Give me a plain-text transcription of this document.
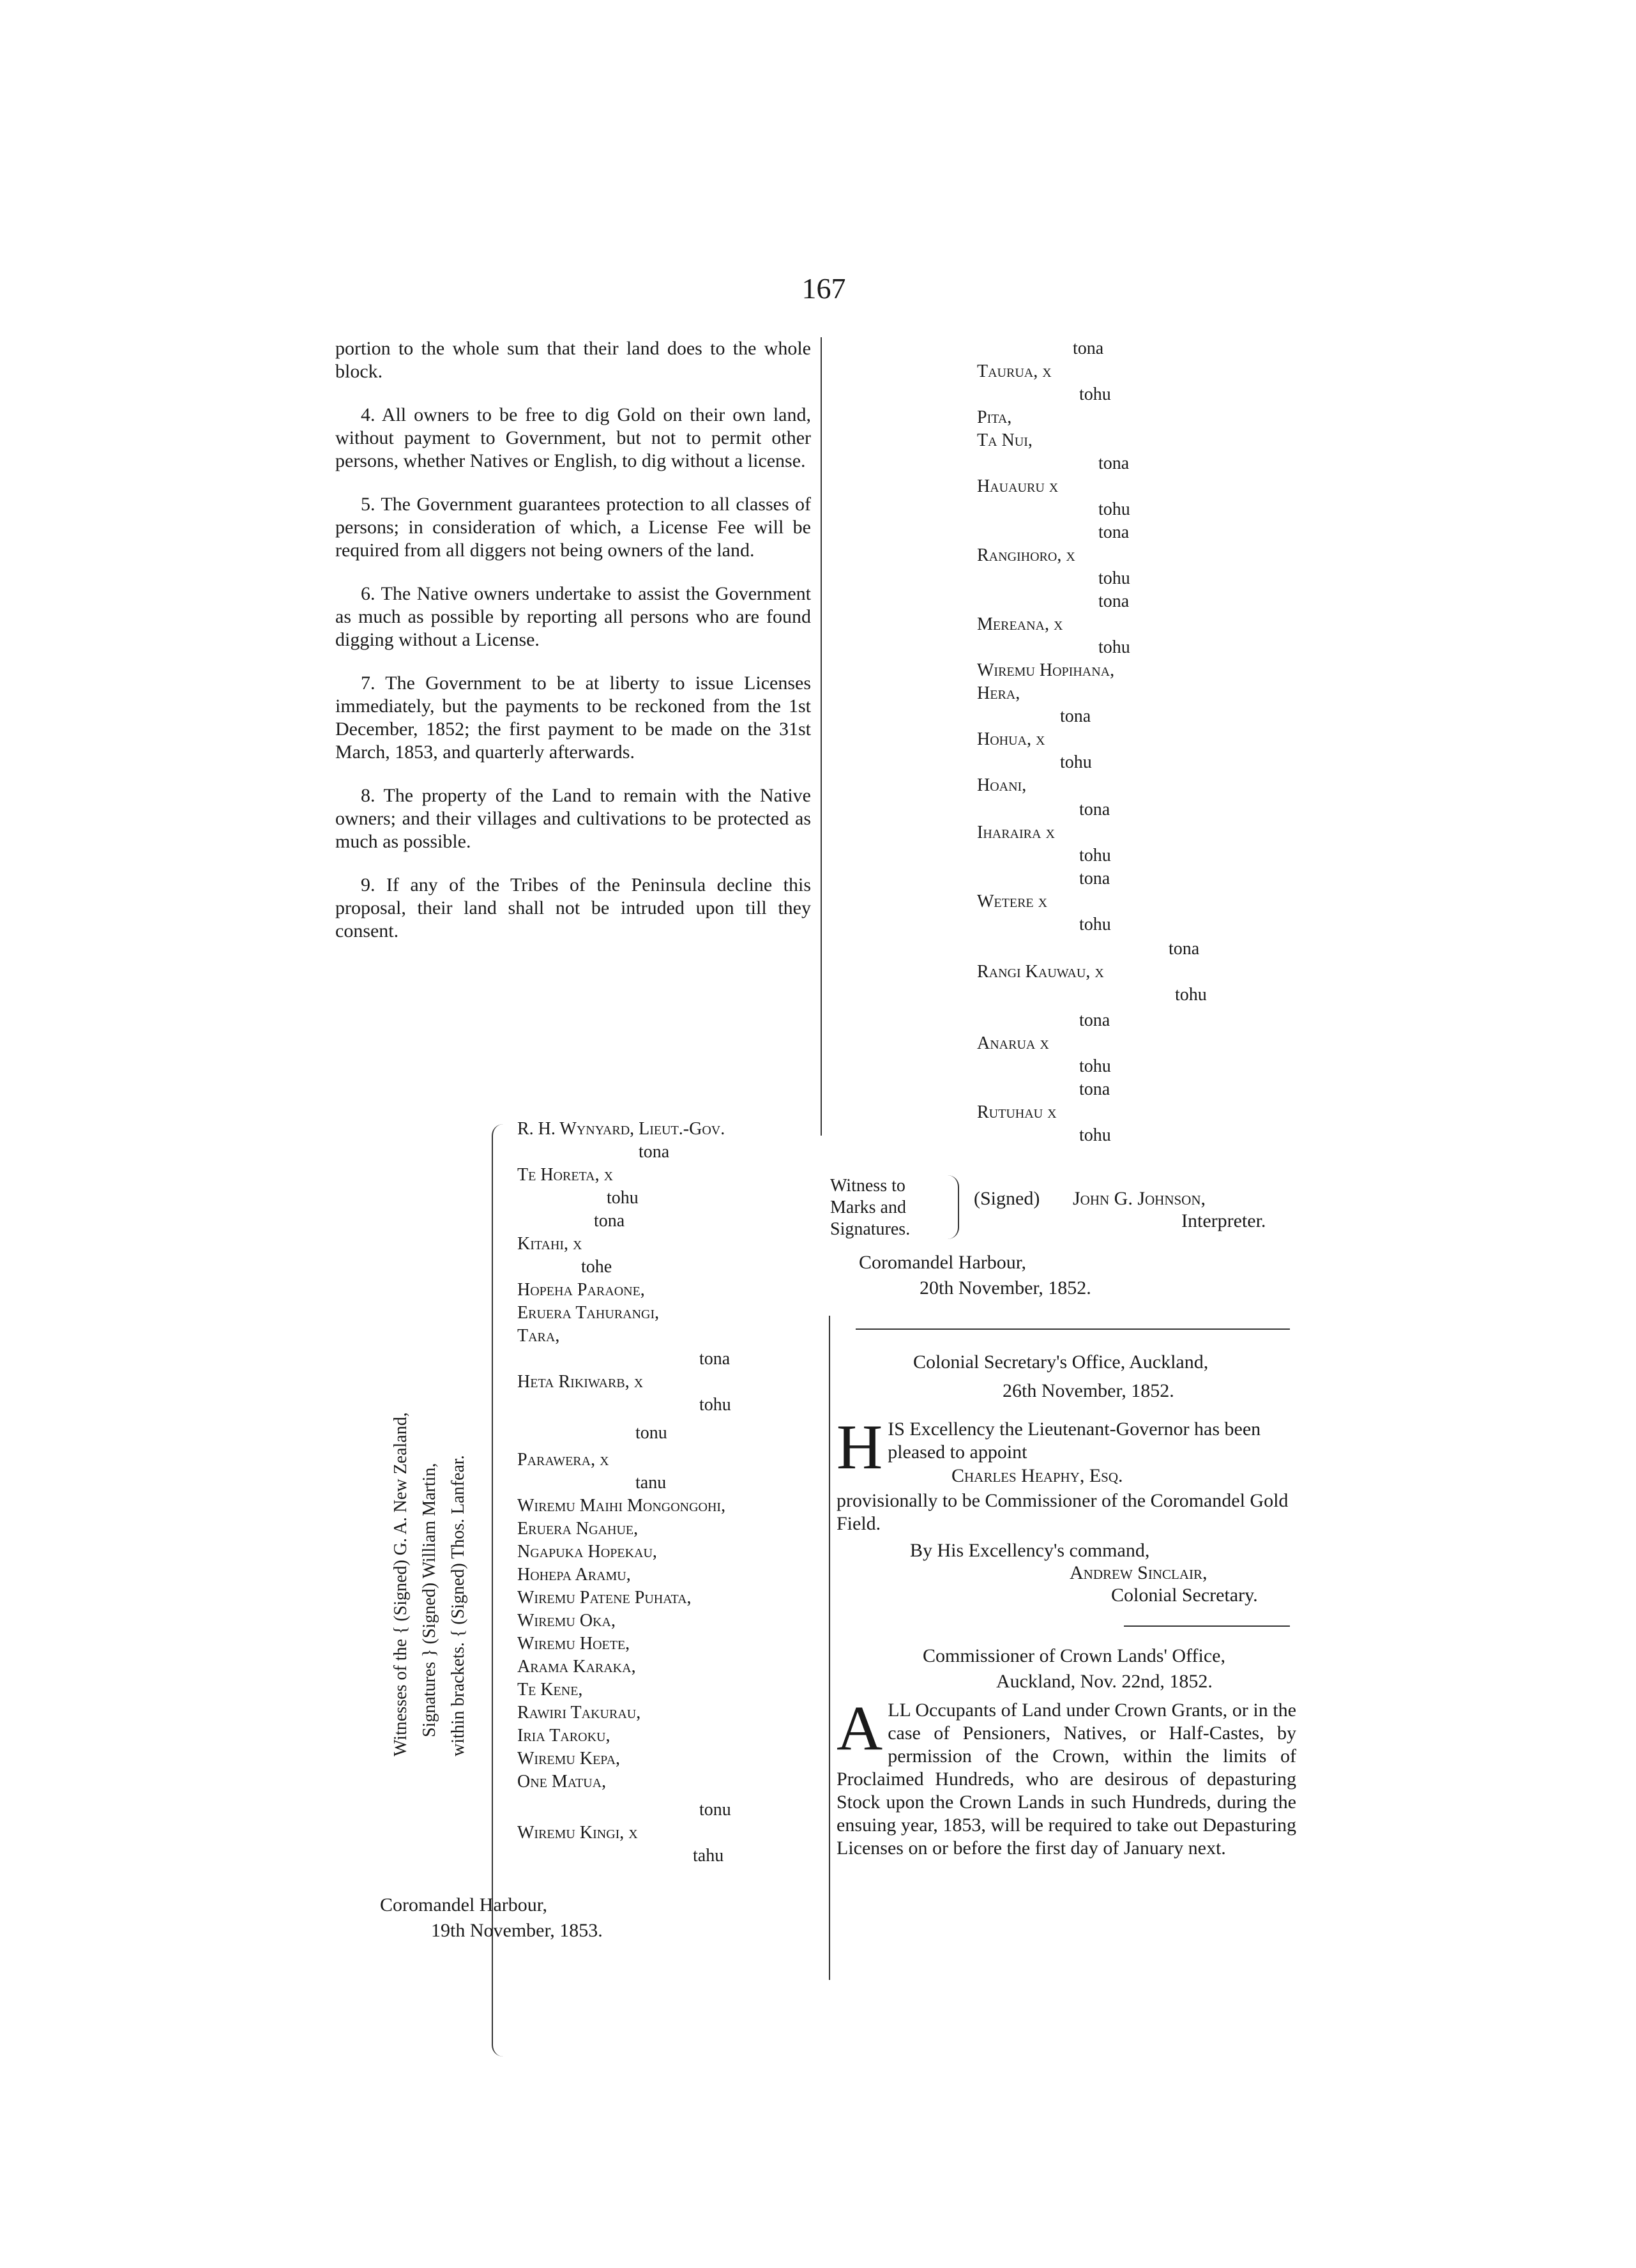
167

portion to the whole sum that their land does to the whole block.

4. All owners to be free to dig Gold on their own land, without payment to Government, but not to permit other persons, whether Natives or English, to dig without a license.

5. The Government guarantees protection to all classes of persons; in consideration of which, a License Fee will be required from all diggers not being owners of the land.

6. The Native owners undertake to assist the Government as much as possible by reporting all persons who are found digging without a License.

7. The Government to be at liberty to issue Licenses immediately, but the payments to be reckoned from the 1st December, 1852; the first payment to be made on the 31st March, 1853, and quarterly afterwards.

8. The property of the Land to remain with the Native owners; and their villages and cultivations to be protected as much as possible.

9. If any of the Tribes of the Peninsula decline this proposal, their land shall not be intruded upon till they consent.

R. H. Wynyard, Lieut.-Gov.
tona
Te Horeta, x
tohu
tona
Kitahi, x
tohe
Hopeha Paraone,
Eruera Tahurangi,
Tara,
tona
Heta Rikiwarb, x
tohu
tonu
Parawera, x
tanu
Wiremu Maihi Mongongohi,
Eruera Ngahue,
Ngapuka Hopekau,
Hohepa Aramu,
Wiremu Patene Puhata,
Wiremu Oka,
Wiremu Hoete,
Arama Karaka,
Te Kene,
Rawiri Takurau,
Iria Taroku,
Wiremu Kepa,
One Matua,
tonu
Wiremu Kingi, x
tahu
Witnesses of the { (Signed) G. A. New Zealand, Signatures } (Signed) William Martin, within brackets. { (Signed) Thos. Lanfear.
Coromandel Harbour,
19th November, 1853.
tona
Taurua, x
tohu
Pita,
Ta Nui,
tona
Hauauru x
tohu
tona
Rangihoro, x
tohu
tona
Mereana, x
tohu
Wiremu Hopihana,
Hera,
tona
Hohua, x
tohu
Hoani,
tona
Iharaira x
tohu
tona
Wetere x
tohu
tona
Rangi Kauwau, x
tohu
tona
Anarua x
tohu
tona
Rutuhau x
tohu
Witness to
Marks and
Signatures.
(Signed) John G. Johnson,
Interpreter.
Coromandel Harbour,
20th November, 1852.
Colonial Secretary's Office, Auckland,
26th November, 1852.
H IS Excellency the Lieutenant-Governor has been pleased to appoint
Charles Heaphy, Esq.
provisionally to be Commissioner of the Coromandel Gold Field.
By His Excellency's command,
Andrew Sinclair,
Colonial Secretary.
Commissioner of Crown Lands' Office,
Auckland, Nov. 22nd, 1852.
A LL Occupants of Land under Crown Grants, or in the case of Pensioners, Natives, or Half-Castes, by permission of the Crown, within the limits of Proclaimed Hundreds, who are desirous of depasturing Stock upon the Crown Lands in such Hundreds, during the ensuing year, 1853, will be required to take out Depasturing Licenses on or before the first day of January next.
